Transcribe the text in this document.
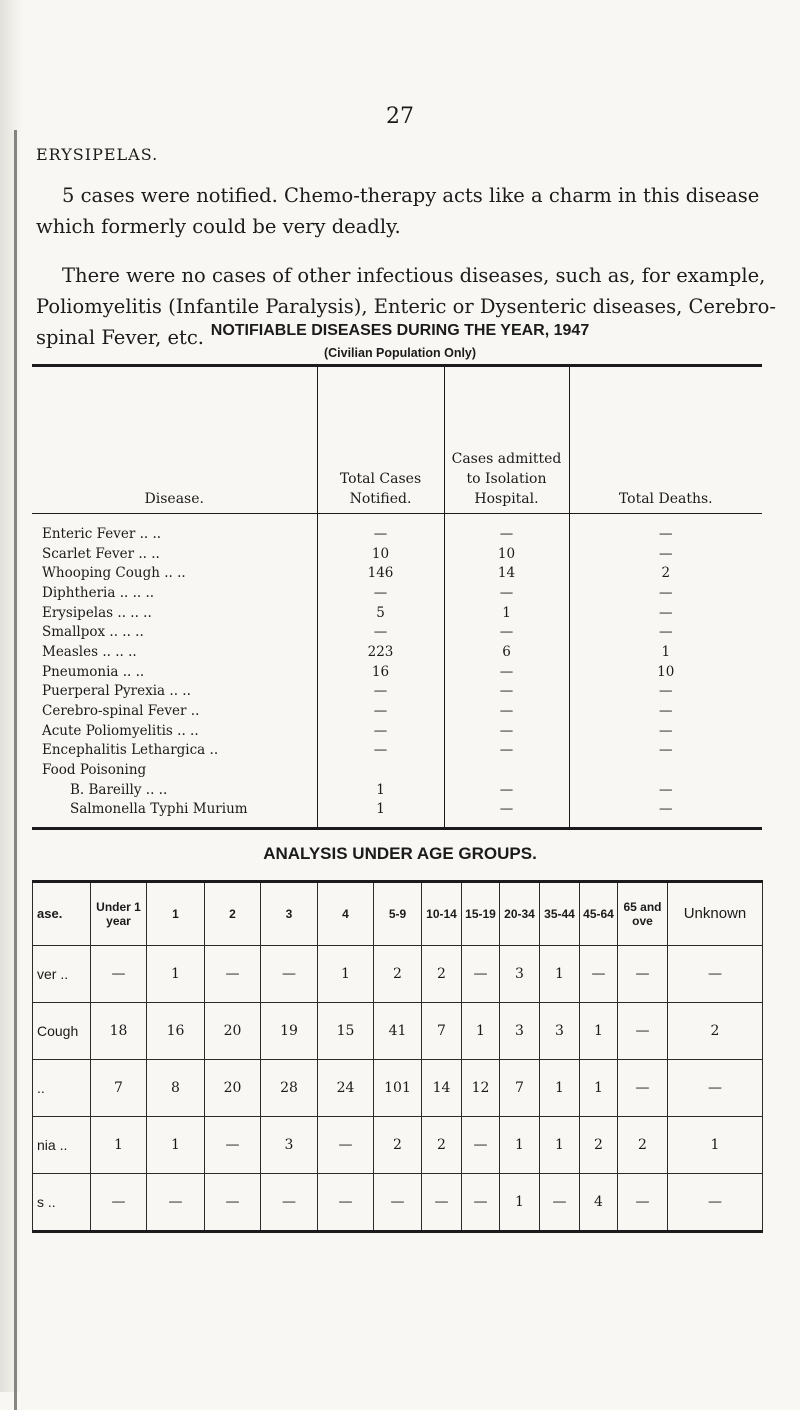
27
ERYSIPELAS.

5 cases were notified. Chemo-therapy acts like a charm in this disease which formerly could be very deadly.

There were no cases of other infectious diseases, such as, for example, Poliomyelitis (Infantile Paralysis), Enteric or Dysenteric diseases, Cerebro-spinal Fever, etc. NOTIFIABLE DISEASES DURING THE YEAR, 1947
(Civilian Population Only)
Disease.	Total Cases Notified.	Cases admitted to Isolation Hospital.	Total Deaths.
Enteric Fever .. ..	—	—	—
Scarlet Fever .. ..	10	10	—
Whooping Cough .. ..	146	14	2
Diphtheria .. .. ..	—	—	—
Erysipelas .. .. ..	5	1	—
Smallpox .. .. ..	—	—	—
Measles .. .. ..	223	6	1
Pneumonia .. ..	16	—	10
Puerperal Pyrexia .. ..	—	—	—
Cerebro-spinal Fever ..	—	—	—
Acute Poliomyelitis .. ..	—	—	—
Encephalitis Lethargica ..	—	—	—
Food Poisoning			
B. Bareilly .. ..	1	—	—
Salmonella Typhi Murium	1	—	—
ANALYSIS UNDER AGE GROUPS.
ase.	Under 1 year	1	2	3	4	5-9	10-14	15-19	20-34	35-44	45-64	65 and ove	Unknown
ver ..	—	1	—	—	1	2	2	—	3	1	—	—	—
Cough	18	16	20	19	15	41	7	1	3	3	1	—	2
..	7	8	20	28	24	101	14	12	7	1	1	—	—
nia ..	1	1	—	3	—	2	2	—	1	1	2	2	1
s ..	—	—	—	—	—	—	—	—	1	—	4	—	—
